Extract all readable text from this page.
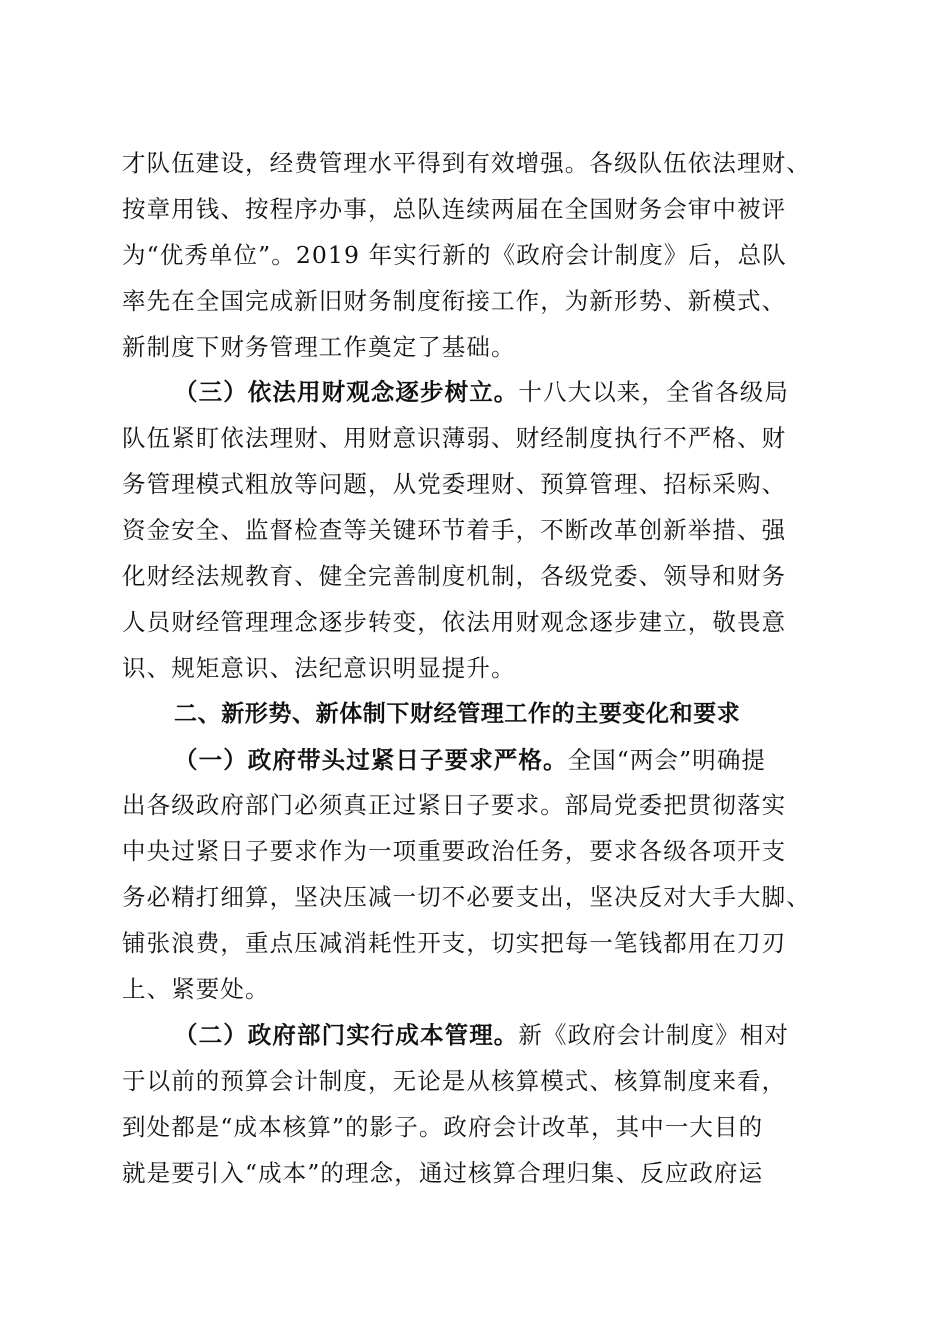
才队伍建设，经费管理水平得到有效增强。各级队伍依法理财、
按章用钱、按程序办事，总队连续两届在全国财务会审中被评
为“优秀单位”。2019 年实行新的《政府会计制度》后，总队
率先在全国完成新旧财务制度衔接工作，为新形势、新模式、
新制度下财务管理工作奠定了基础。
（三）依法用财观念逐步树立。十八大以来，全省各级局
队伍紧盯依法理财、用财意识薄弱、财经制度执行不严格、财
务管理模式粗放等问题，从党委理财、预算管理、招标采购、
资金安全、监督检查等关键环节着手，不断改革创新举措、强
化财经法规教育、健全完善制度机制，各级党委、领导和财务
人员财经管理理念逐步转变，依法用财观念逐步建立，敬畏意
识、规矩意识、法纪意识明显提升。
二、新形势、新体制下财经管理工作的主要变化和要求
（一）政府带头过紧日子要求严格。全国“两会”明确提
出各级政府部门必须真正过紧日子要求。部局党委把贯彻落实
中央过紧日子要求作为一项重要政治任务，要求各级各项开支
务必精打细算，坚决压减一切不必要支出，坚决反对大手大脚、
铺张浪费，重点压减消耗性开支，切实把每一笔钱都用在刀刃
上、紧要处。
（二）政府部门实行成本管理。新《政府会计制度》相对
于以前的预算会计制度，无论是从核算模式、核算制度来看，
到处都是“成本核算”的影子。政府会计改革，其中一大目的
就是要引入“成本”的理念，通过核算合理归集、反应政府运
